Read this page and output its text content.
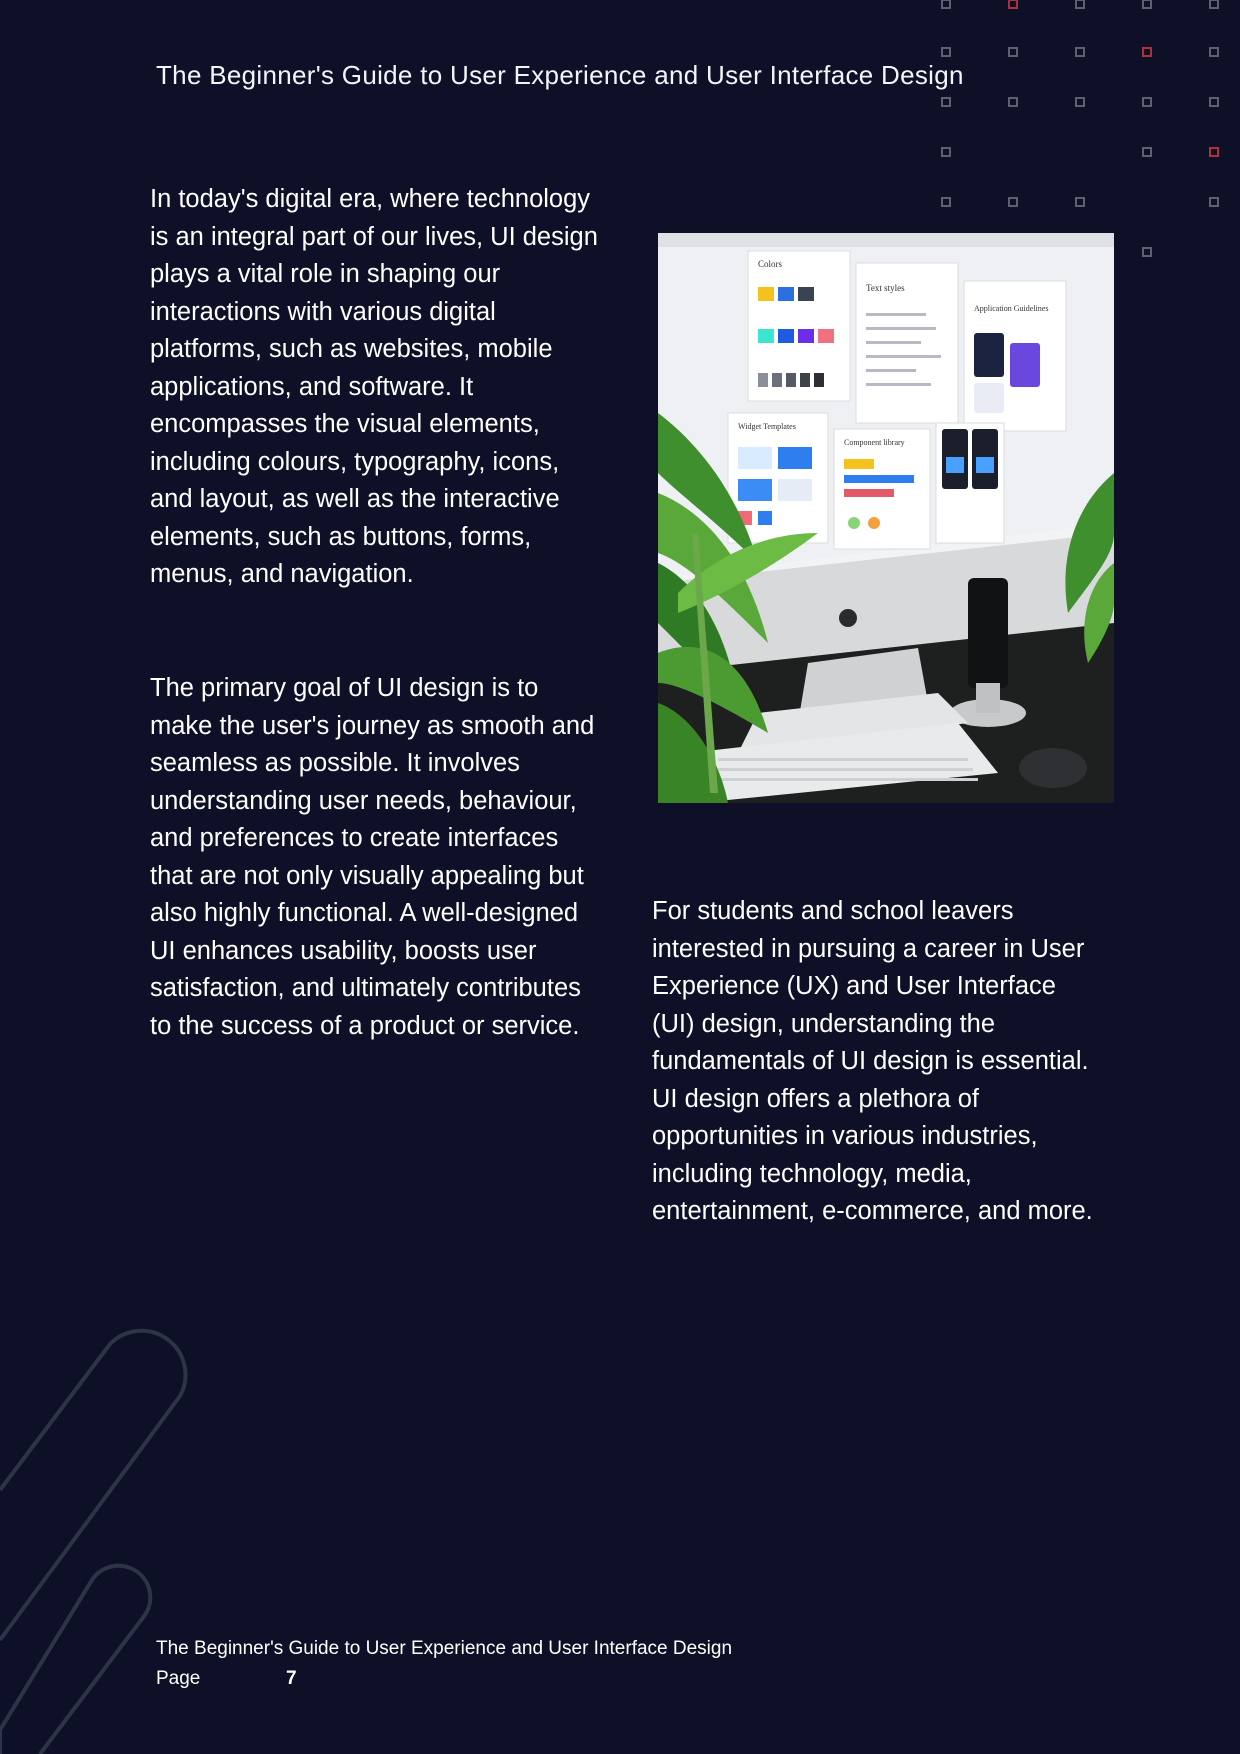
The Beginner's Guide to User Experience and User Interface Design

In today's digital era, where technology is an integral part of our lives, UI design plays a vital role in shaping our interactions with various digital platforms, such as websites, mobile applications, and software. It encompasses the visual elements, including colours, typography, icons, and layout, as well as the interactive elements, such as buttons, forms, menus, and navigation.

The primary goal of UI design is to make the user's journey as smooth and seamless as possible. It involves understanding user needs, behaviour, and preferences to create interfaces that are not only visually appealing but also highly functional. A well-designed UI enhances usability, boosts user satisfaction, and ultimately contributes to the success of a product or service.

Colors
Text styles
Application Guidelines
Widget Templates
Component library

For students and school leavers interested in pursuing a career in User Experience (UX) and User Interface (UI) design, understanding the fundamentals of UI design is essential. UI design offers a plethora of opportunities in various industries, including technology, media, entertainment, e-commerce, and more.

The Beginner's Guide to User Experience and User Interface Design
Page	7
